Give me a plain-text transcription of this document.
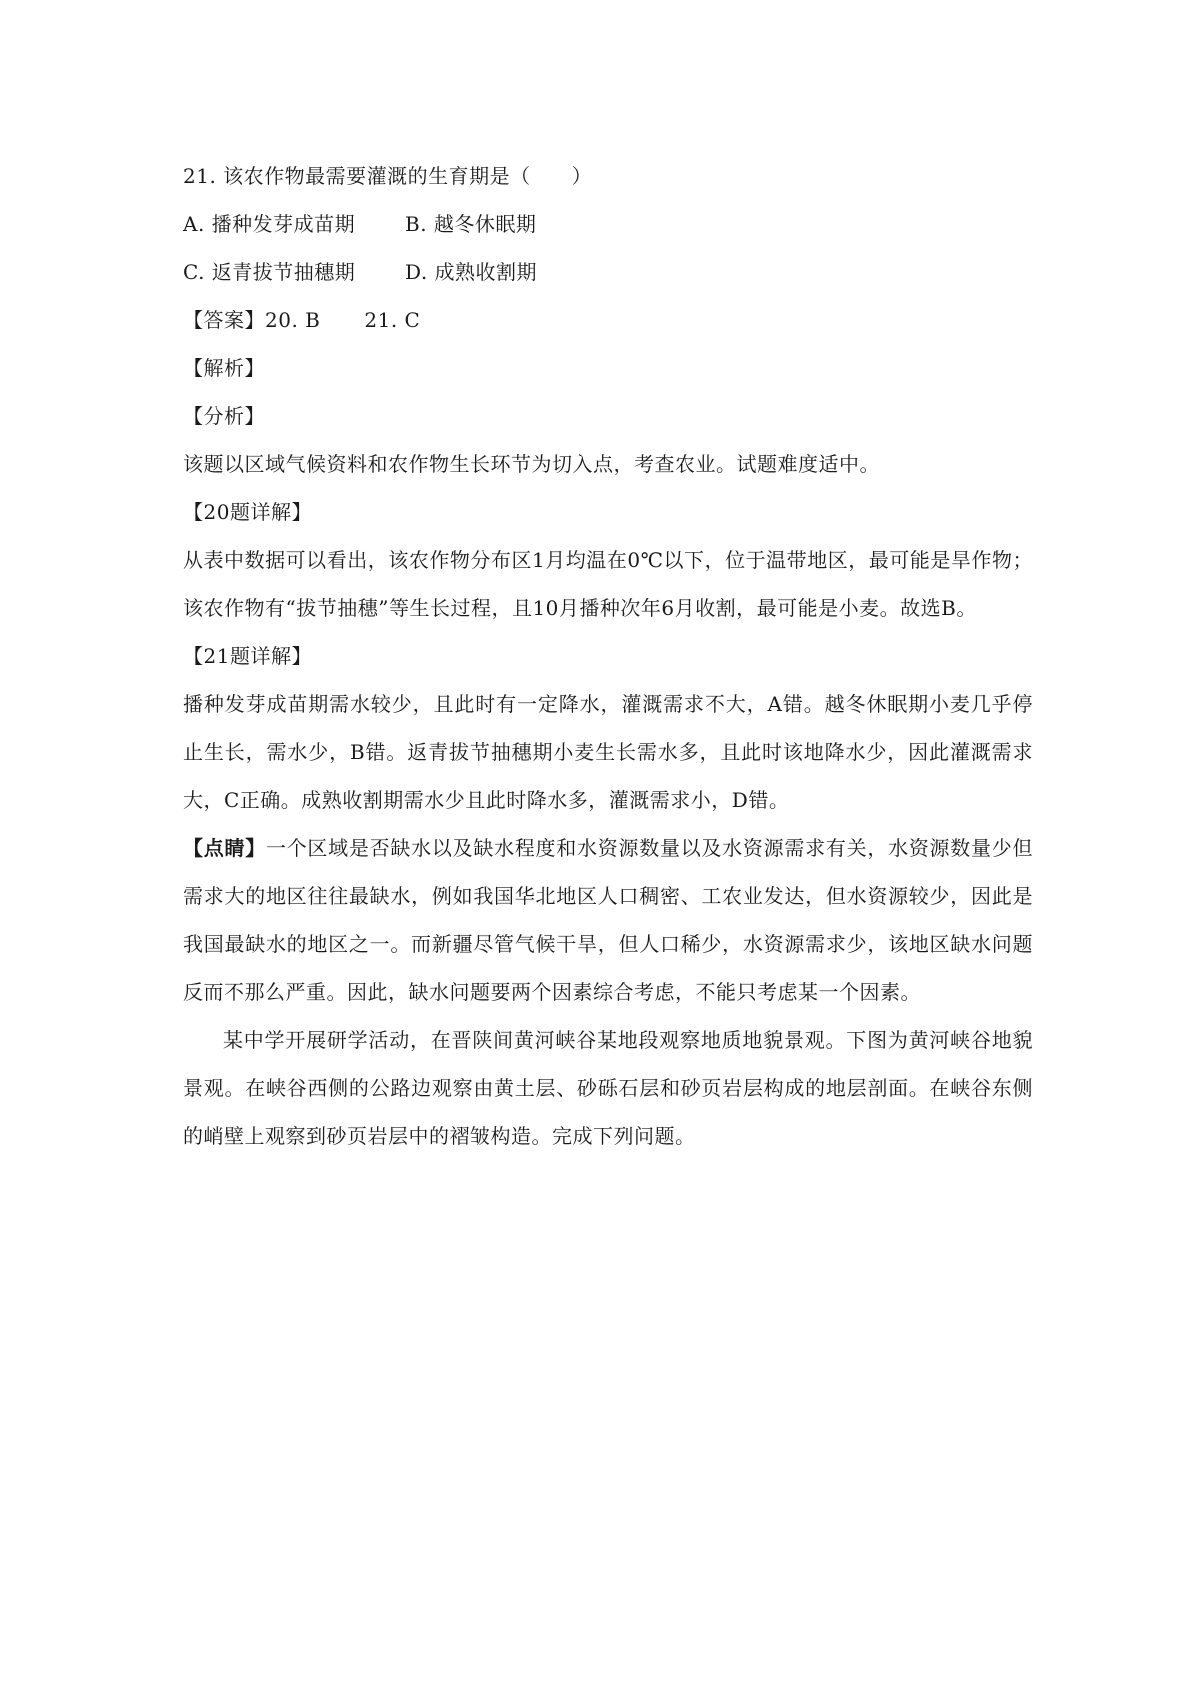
21. 该农作物最需要灌溉的生育期是（　　）
A. 播种发芽成苗期 B. 越冬休眠期
C. 返青拔节抽穗期 D. 成熟收割期
【答案】20. B 21. C
【解析】
【分析】

该题以区域气候资料和农作物生长环节为切入点，考查农业。试题难度适中。

【20题详解】

从表中数据可以看出，该农作物分布区1月均温在0℃以下，位于温带地区，最可能是旱作物；该农作物有“拔节抽穗”等生长过程，且10月播种次年6月收割，最可能是小麦。故选B。

【21题详解】

播种发芽成苗期需水较少，且此时有一定降水，灌溉需求不大，A错。越冬休眠期小麦几乎停止生长，需水少，B错。返青拔节抽穗期小麦生长需水多，且此时该地降水少，因此灌溉需求大，C正确。成熟收割期需水少且此时降水多，灌溉需求小，D错。

【点睛】一个区域是否缺水以及缺水程度和水资源数量以及水资源需求有关，水资源数量少但需求大的地区往往最缺水，例如我国华北地区人口稠密、工农业发达，但水资源较少，因此是我国最缺水的地区之一。而新疆尽管气候干旱，但人口稀少，水资源需求少，该地区缺水问题反而不那么严重。因此，缺水问题要两个因素综合考虑，不能只考虑某一个因素。

某中学开展研学活动，在晋陕间黄河峡谷某地段观察地质地貌景观。下图为黄河峡谷地貌景观。在峡谷西侧的公路边观察由黄土层、砂砾石层和砂页岩层构成的地层剖面。在峡谷东侧的峭壁上观察到砂页岩层中的褶皱构造。完成下列问题。
